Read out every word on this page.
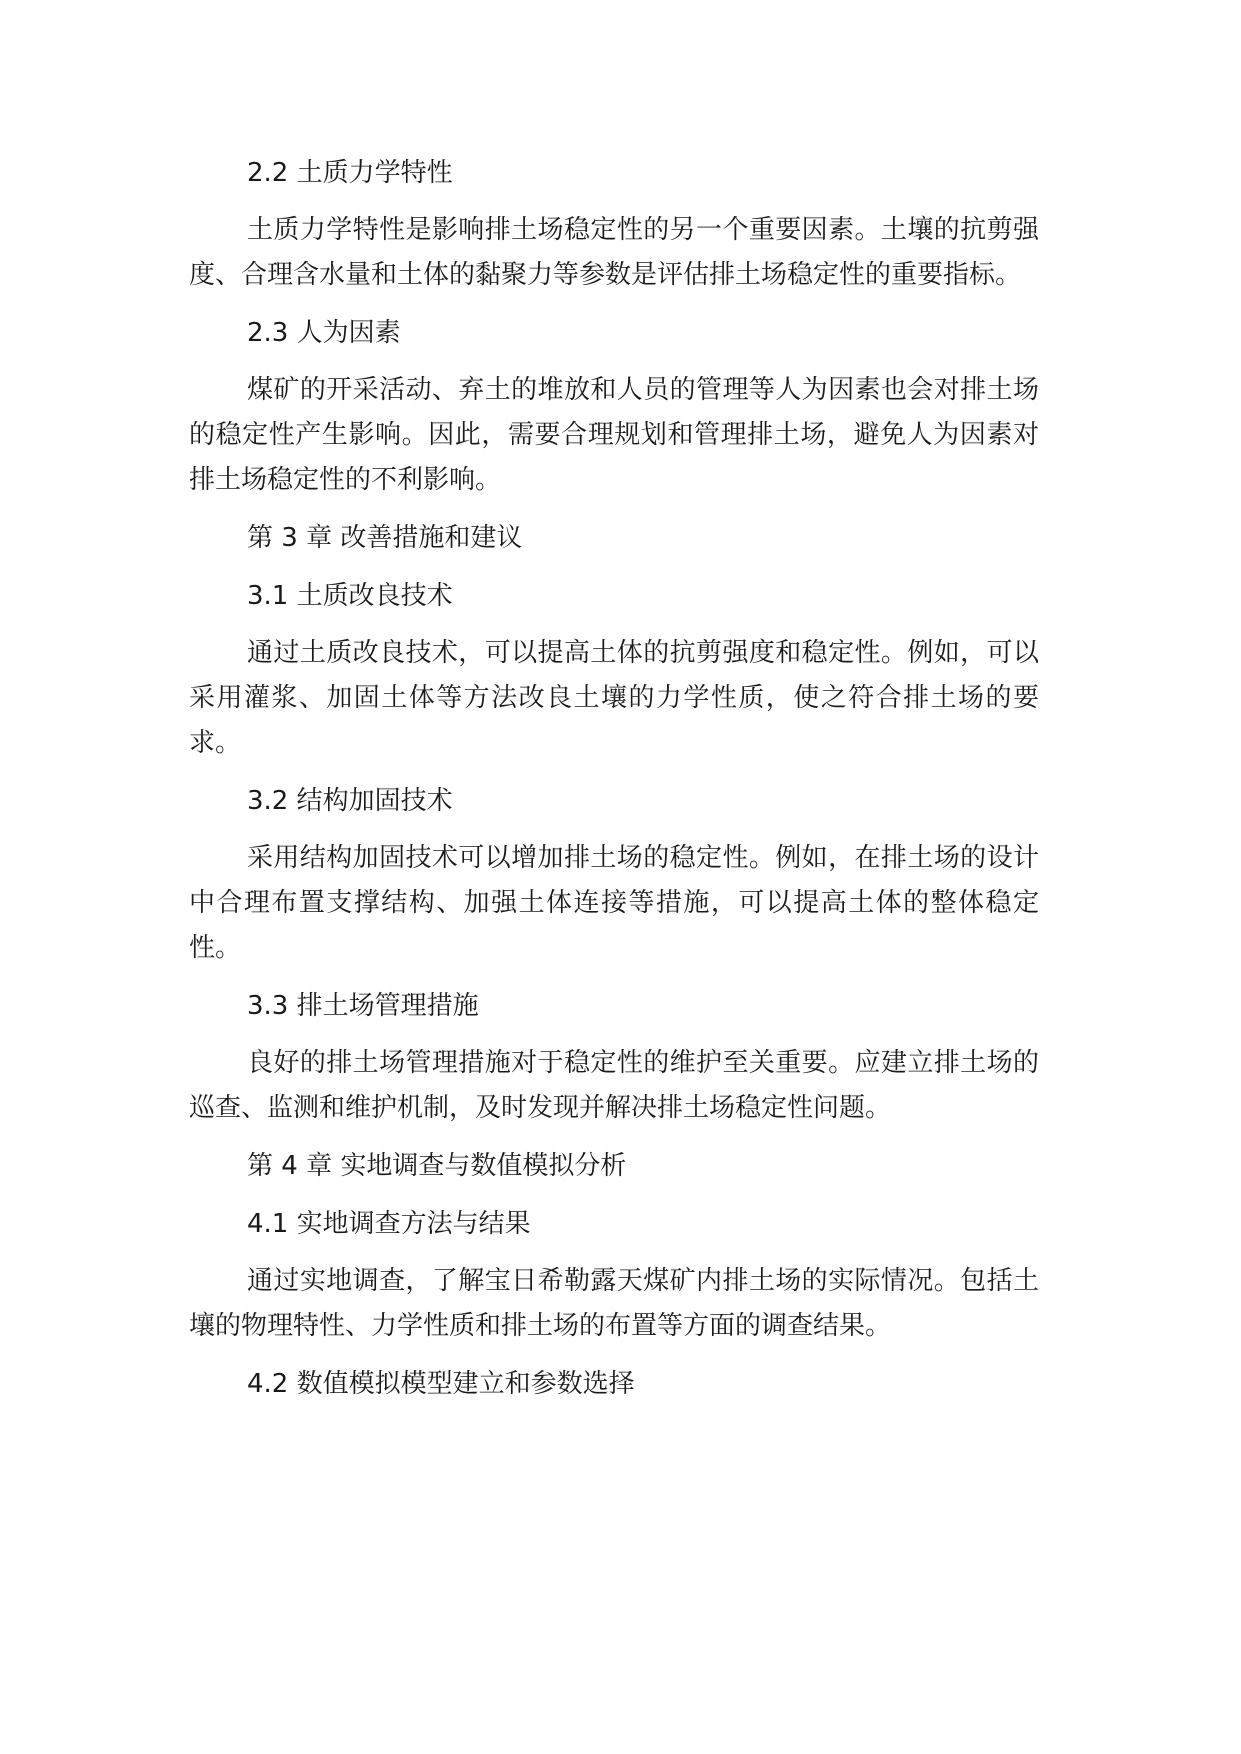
2.2 土质力学特性

土质力学特性是影响排土场稳定性的另一个重要因素。土壤的抗剪强度、合理含水量和土体的黏聚力等参数是评估排土场稳定性的重要指标。

2.3 人为因素

煤矿的开采活动、弃土的堆放和人员的管理等人为因素也会对排土场的稳定性产生影响。因此，需要合理规划和管理排土场，避免人为因素对排土场稳定性的不利影响。

第 3 章 改善措施和建议

3.1 土质改良技术

通过土质改良技术，可以提高土体的抗剪强度和稳定性。例如，可以采用灌浆、加固土体等方法改良土壤的力学性质，使之符合排土场的要求。

3.2 结构加固技术

采用结构加固技术可以增加排土场的稳定性。例如，在排土场的设计中合理布置支撑结构、加强土体连接等措施，可以提高土体的整体稳定性。

3.3 排土场管理措施

良好的排土场管理措施对于稳定性的维护至关重要。应建立排土场的巡查、监测和维护机制，及时发现并解决排土场稳定性问题。

第 4 章 实地调查与数值模拟分析

4.1 实地调查方法与结果

通过实地调查，了解宝日希勒露天煤矿内排土场的实际情况。包括土壤的物理特性、力学性质和排土场的布置等方面的调查结果。

4.2 数值模拟模型建立和参数选择
